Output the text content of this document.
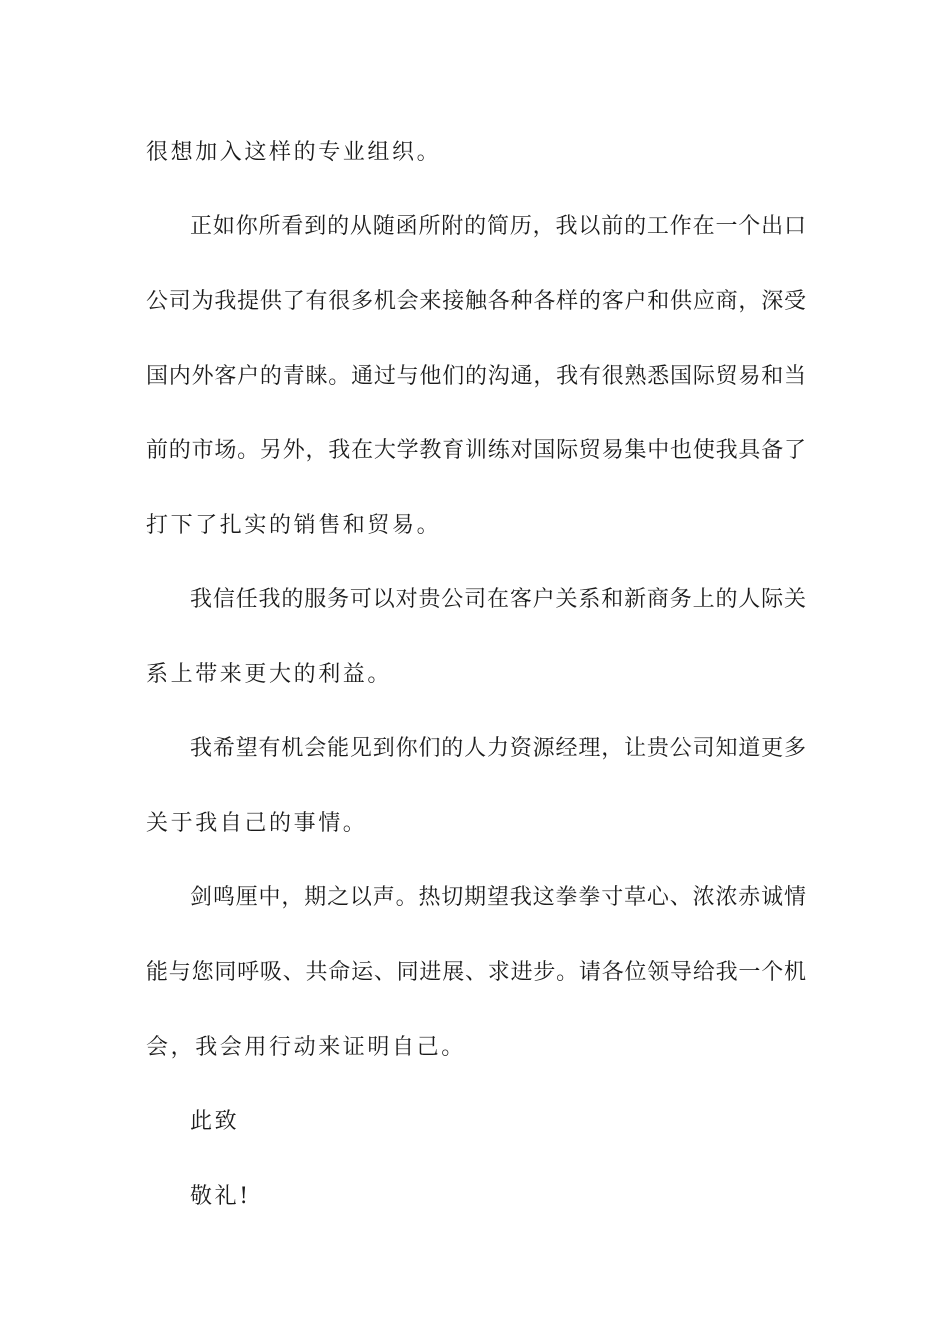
很想加入这样的专业组织。
正如你所看到的从随函所附的简历，我以前的工作在一个出口
公司为我提供了有很多机会来接触各种各样的客户和供应商，深受
国内外客户的青睐。通过与他们的沟通，我有很熟悉国际贸易和当
前的市场。另外，我在大学教育训练对国际贸易集中也使我具备了
打下了扎实的销售和贸易。
我信任我的服务可以对贵公司在客户关系和新商务上的人际关
系上带来更大的利益。
我希望有机会能见到你们的人力资源经理，让贵公司知道更多
关于我自己的事情。
剑鸣厘中，期之以声。热切期望我这拳拳寸草心、浓浓赤诚情
能与您同呼吸、共命运、同进展、求进步。请各位领导给我一个机
会，我会用行动来证明自己。
此致
敬礼!
